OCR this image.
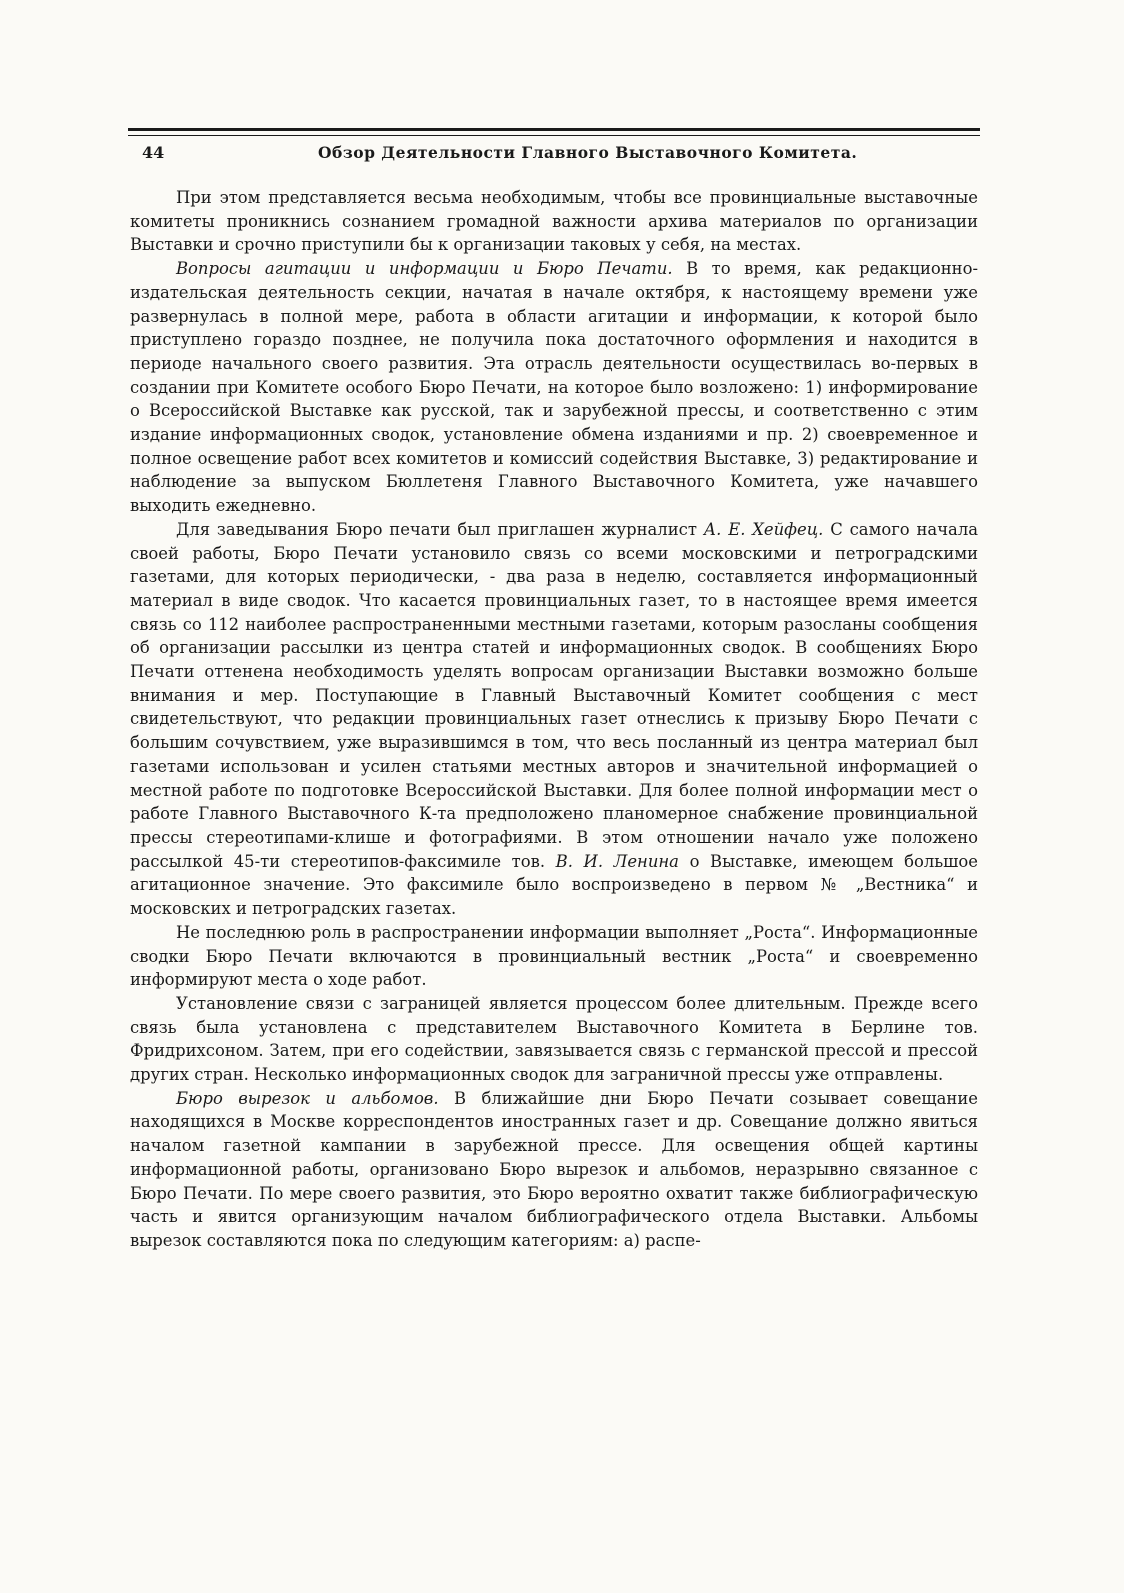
44	Обзор Деятельности Главного Выставочного Комитета.

При этом представляется весьма необходимым, чтобы все провинциальные выставочные комитеты проникнись сознанием громадной важности архива материалов по организации Выставки и срочно приступили бы к организации таковых у себя, на местах.

Вопросы агитации и информации и Бюро Печати. В то время, как редакционно-издательская деятельность секции, начатая в начале октября, к настоящему времени уже развернулась в полной мере, работа в области агитации и информации, к которой было приступлено гораздо позднее, не получила пока достаточного оформления и находится в периоде начального своего развития. Эта отрасль деятельности осуществилась во-первых в создании при Комитете особого Бюро Печати, на которое было возложено: 1) информирование о Всероссийской Выставке как русской, так и зарубежной прессы, и соответственно с этим издание информационных сводок, установление обмена изданиями и пр. 2) своевременное и полное освещение работ всех комитетов и комиссий содействия Выставке, 3) редактирование и наблюдение за выпуском Бюллетеня Главного Выставочного Комитета, уже начавшего выходить ежедневно.

Для заведывания Бюро печати был приглашен журналист А. Е. Хейфец. С самого начала своей работы, Бюро Печати установило связь со всеми московскими и петроградскими газетами, для которых периодически, - два раза в неделю, составляется информационный материал в виде сводок. Что касается провинциальных газет, то в настоящее время имеется связь со 112 наиболее распространенными местными газетами, которым разосланы сообщения об организации рассылки из центра статей и информационных сводок. В сообщениях Бюро Печати оттенена необходимость уделять вопросам организации Выставки возможно больше внимания и мер. Поступающие в Главный Выставочный Комитет сообщения с мест свидетельствуют, что редакции провинциальных газет отнеслись к призыву Бюро Печати с большим сочувствием, уже выразившимся в том, что весь посланный из центра материал был газетами использован и усилен статьями местных авторов и значительной информацией о местной работе по подготовке Всероссийской Выставки. Для более полной информации мест о работе Главного Выставочного К-та предположено планомерное снабжение провинциальной прессы стереотипами-клише и фотографиями. В этом отношении начало уже положено рассылкой 45-ти стереотипов-факсимиле тов. В. И. Ленина о Выставке, имеющем большое агитационное значение. Это факсимиле было воспроизведено в первом № „Вестника“ и московских и петроградских газетах.

Не последнюю роль в распространении информации выполняет „Роста“. Информационные сводки Бюро Печати включаются в провинциальный вестник „Роста“ и своевременно информируют места о ходе работ.

Установление связи с заграницей является процессом более длительным. Прежде всего связь была установлена с представителем Выставочного Комитета в Берлине тов. Фридрихсоном. Затем, при его содействии, завязывается связь с германской прессой и прессой других стран. Несколько информационных сводок для заграничной прессы уже отправлены.

Бюро вырезок и альбомов. В ближайшие дни Бюро Печати созывает совещание находящихся в Москве корреспондентов иностранных газет и др. Совещание должно явиться началом газетной кампании в зарубежной прессе. Для освещения общей картины информационной работы, организовано Бюро вырезок и альбомов, неразрывно связанное с Бюро Печати. По мере своего развития, это Бюро вероятно охватит также библиографическую часть и явится организующим началом библиографического отдела Выставки. Альбомы вырезок составляются пока по следующим категориям: а) распе-
